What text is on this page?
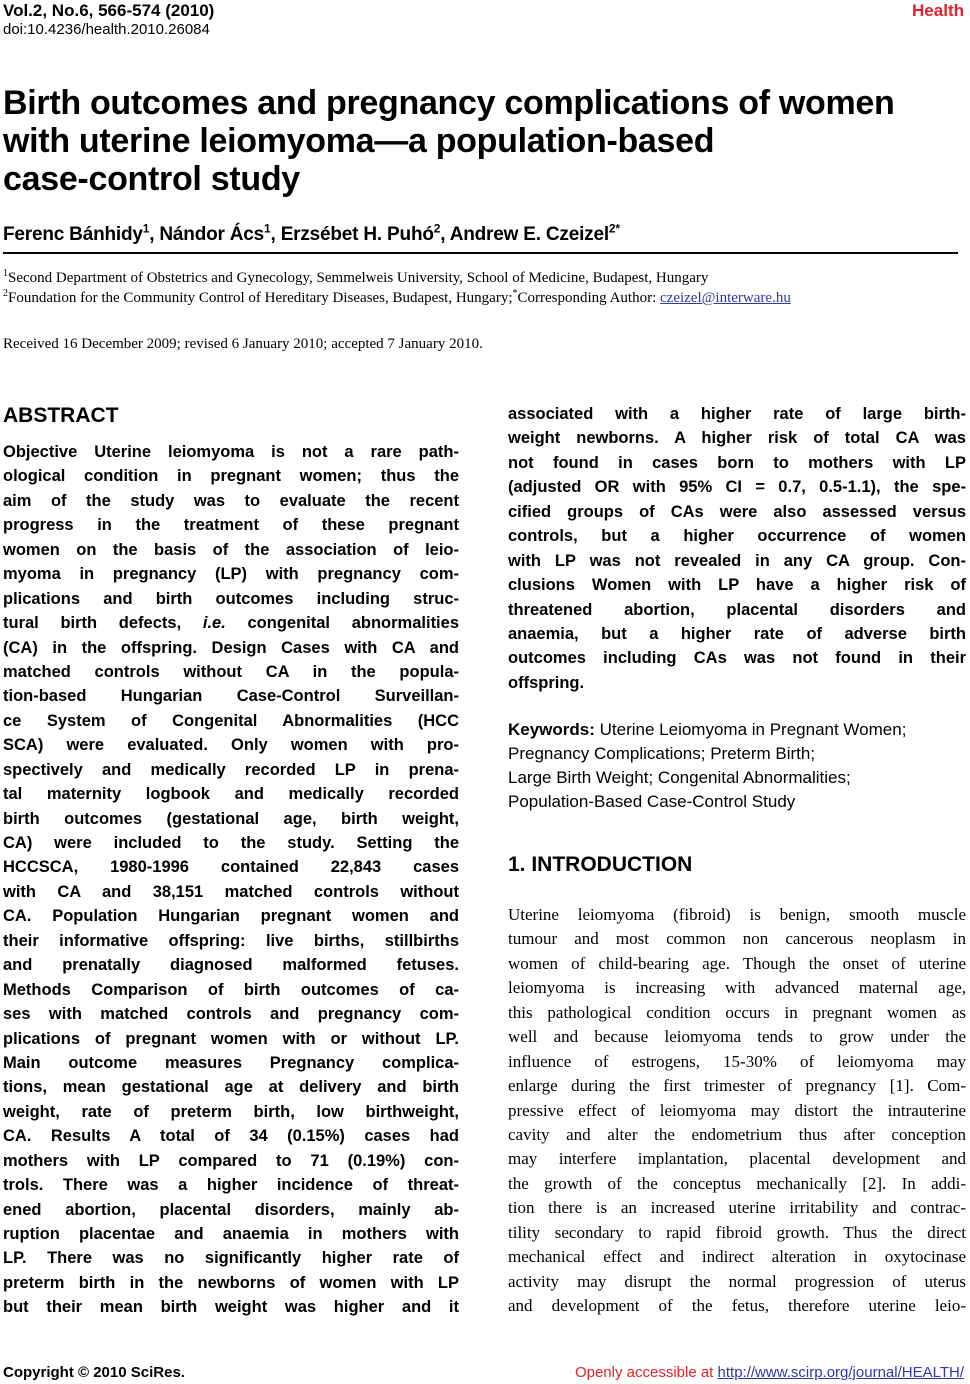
Vol.2, No.6, 566-574 (2010)
doi:10.4236/health.2010.26084
Health
Birth outcomes and pregnancy complications of women
with uterine leiomyoma—a population-based
case-control study
Ferenc Bánhidy$^1$, Nándor Ács$^1$, Erzsébet H. Puhó$^2$, Andrew E. Czeizel$^{2*}$
$^1$Second Department of Obstetrics and Gynecology, Semmelweis University, School of Medicine, Budapest, Hungary
$^2$Foundation for the Community Control of Hereditary Diseases, Budapest, Hungary;*Corresponding Author: czeizel@interware.hu
Received 16 December 2009; revised 6 January 2010; accepted 7 January 2010.
ABSTRACT
Objective Uterine leiomyoma is not a rare path-
ological condition in pregnant women; thus the
aim of the study was to evaluate the recent
progress in the treatment of these pregnant
women on the basis of the association of leio-
myoma in pregnancy (LP) with pregnancy com-
plications and birth outcomes including struc-
tural birth defects, i.e. congenital abnormalities
(CA) in the offspring. Design Cases with CA and
matched controls without CA in the popula-
tion-based Hungarian Case-Control Surveillan-
ce System of Congenital Abnormalities (HCC
SCA) were evaluated. Only women with pro-
spectively and medically recorded LP in prena-
tal maternity logbook and medically recorded
birth outcomes (gestational age, birth weight,
CA) were included to the study. Setting the
HCCSCA, 1980-1996 contained 22,843 cases
with CA and 38,151 matched controls without
CA. Population Hungarian pregnant women and
their informative offspring: live births, stillbirths
and prenatally diagnosed malformed fetuses.
Methods Comparison of birth outcomes of ca-
ses with matched controls and pregnancy com-
plications of pregnant women with or without LP.
Main outcome measures Pregnancy complica-
tions, mean gestational age at delivery and birth
weight, rate of preterm birth, low birthweight,
CA. Results A total of 34 (0.15%) cases had
mothers with LP compared to 71 (0.19%) con-
trols. There was a higher incidence of threat-
ened abortion, placental disorders, mainly ab-
ruption placentae and anaemia in mothers with
LP. There was no significantly higher rate of
preterm birth in the newborns of women with LP
but their mean birth weight was higher and it
associated with a higher rate of large birth-
weight newborns. A higher risk of total CA was
not found in cases born to mothers with LP
(adjusted OR with 95% CI = 0.7, 0.5-1.1), the spe-
cified groups of CAs were also assessed versus
controls, but a higher occurrence of women
with LP was not revealed in any CA group. Con-
clusions Women with LP have a higher risk of
threatened abortion, placental disorders and
anaemia, but a higher rate of adverse birth
outcomes including CAs was not found in their
offspring.
Keywords: Uterine Leiomyoma in Pregnant Women;
Pregnancy Complications; Preterm Birth;
Large Birth Weight; Congenital Abnormalities;
Population-Based Case-Control Study
1. INTRODUCTION
Uterine leiomyoma (fibroid) is benign, smooth muscle
tumour and most common non cancerous neoplasm in
women of child-bearing age. Though the onset of uterine
leiomyoma is increasing with advanced maternal age,
this pathological condition occurs in pregnant women as
well and because leiomyoma tends to grow under the
influence of estrogens, 15-30% of leiomyoma may
enlarge during the first trimester of pregnancy [1]. Com-
pressive effect of leiomyoma may distort the intrauterine
cavity and alter the endometrium thus after conception
may interfere implantation, placental development and
the growth of the conceptus mechanically [2]. In addi-
tion there is an increased uterine irritability and contrac-
tility secondary to rapid fibroid growth. Thus the direct
mechanical effect and indirect alteration in oxytocinase
activity may disrupt the normal progression of uterus
and development of the fetus, therefore uterine leio-
Copyright © 2010 SciRes.	Openly accessible at http://www.scirp.org/journal/HEALTH/
